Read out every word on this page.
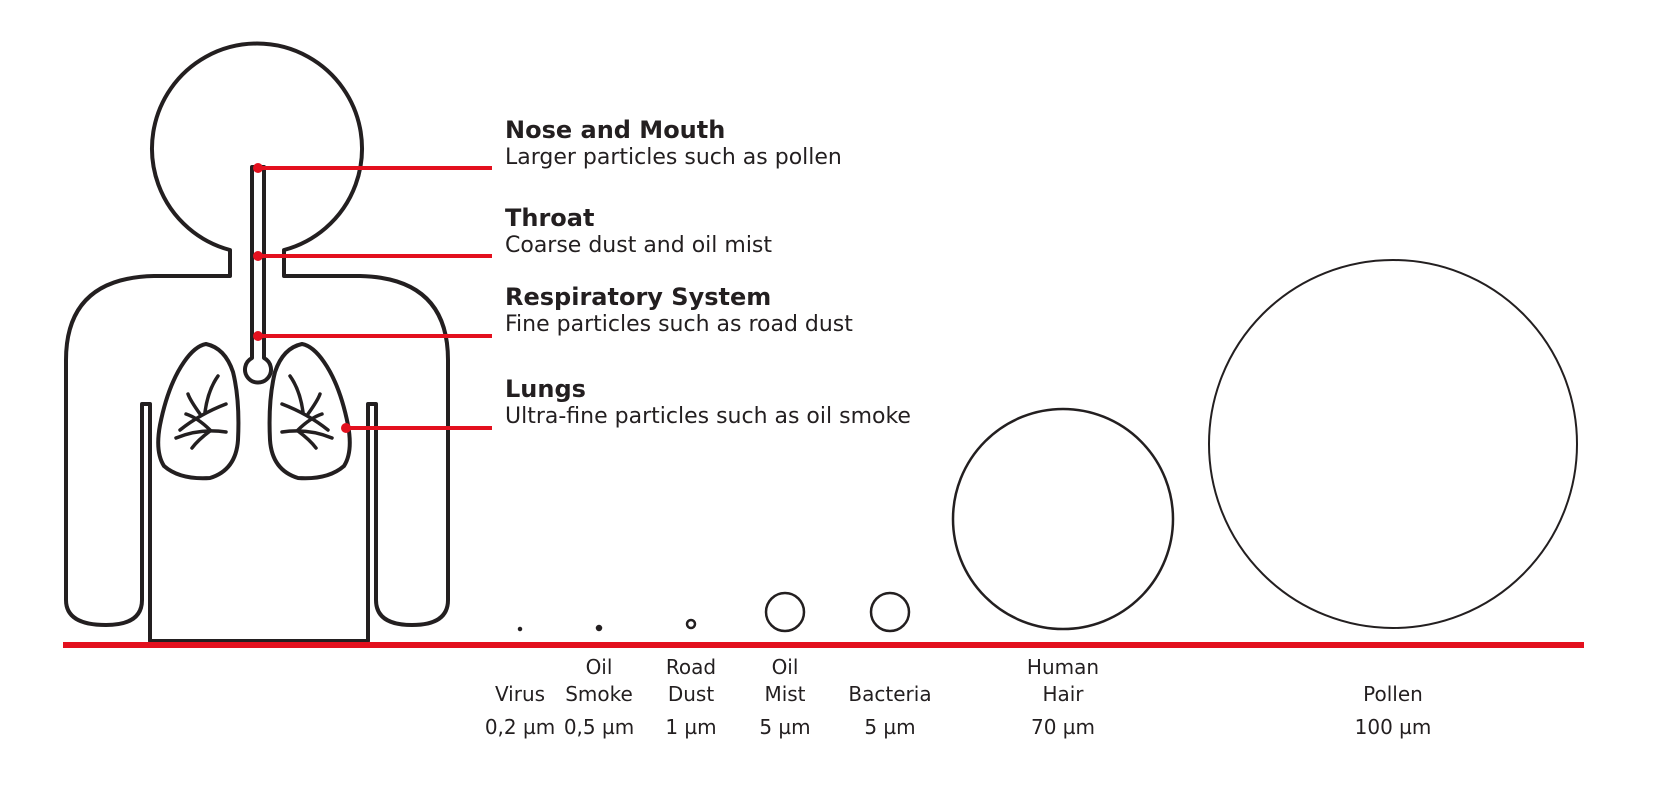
Nose and Mouth
Larger particles such as pollen
Throat
Coarse dust and oil mist
Respiratory System
Fine particles such as road dust
Lungs
Ultra-fine particles such as oil smoke

Virus
0,2 µm
Oil
Smoke
0,5 µm
Road
Dust
1 µm
Oil
Mist
5 µm

Bacteria
5 µm
Human
Hair
70 µm

Pollen
100 µm
